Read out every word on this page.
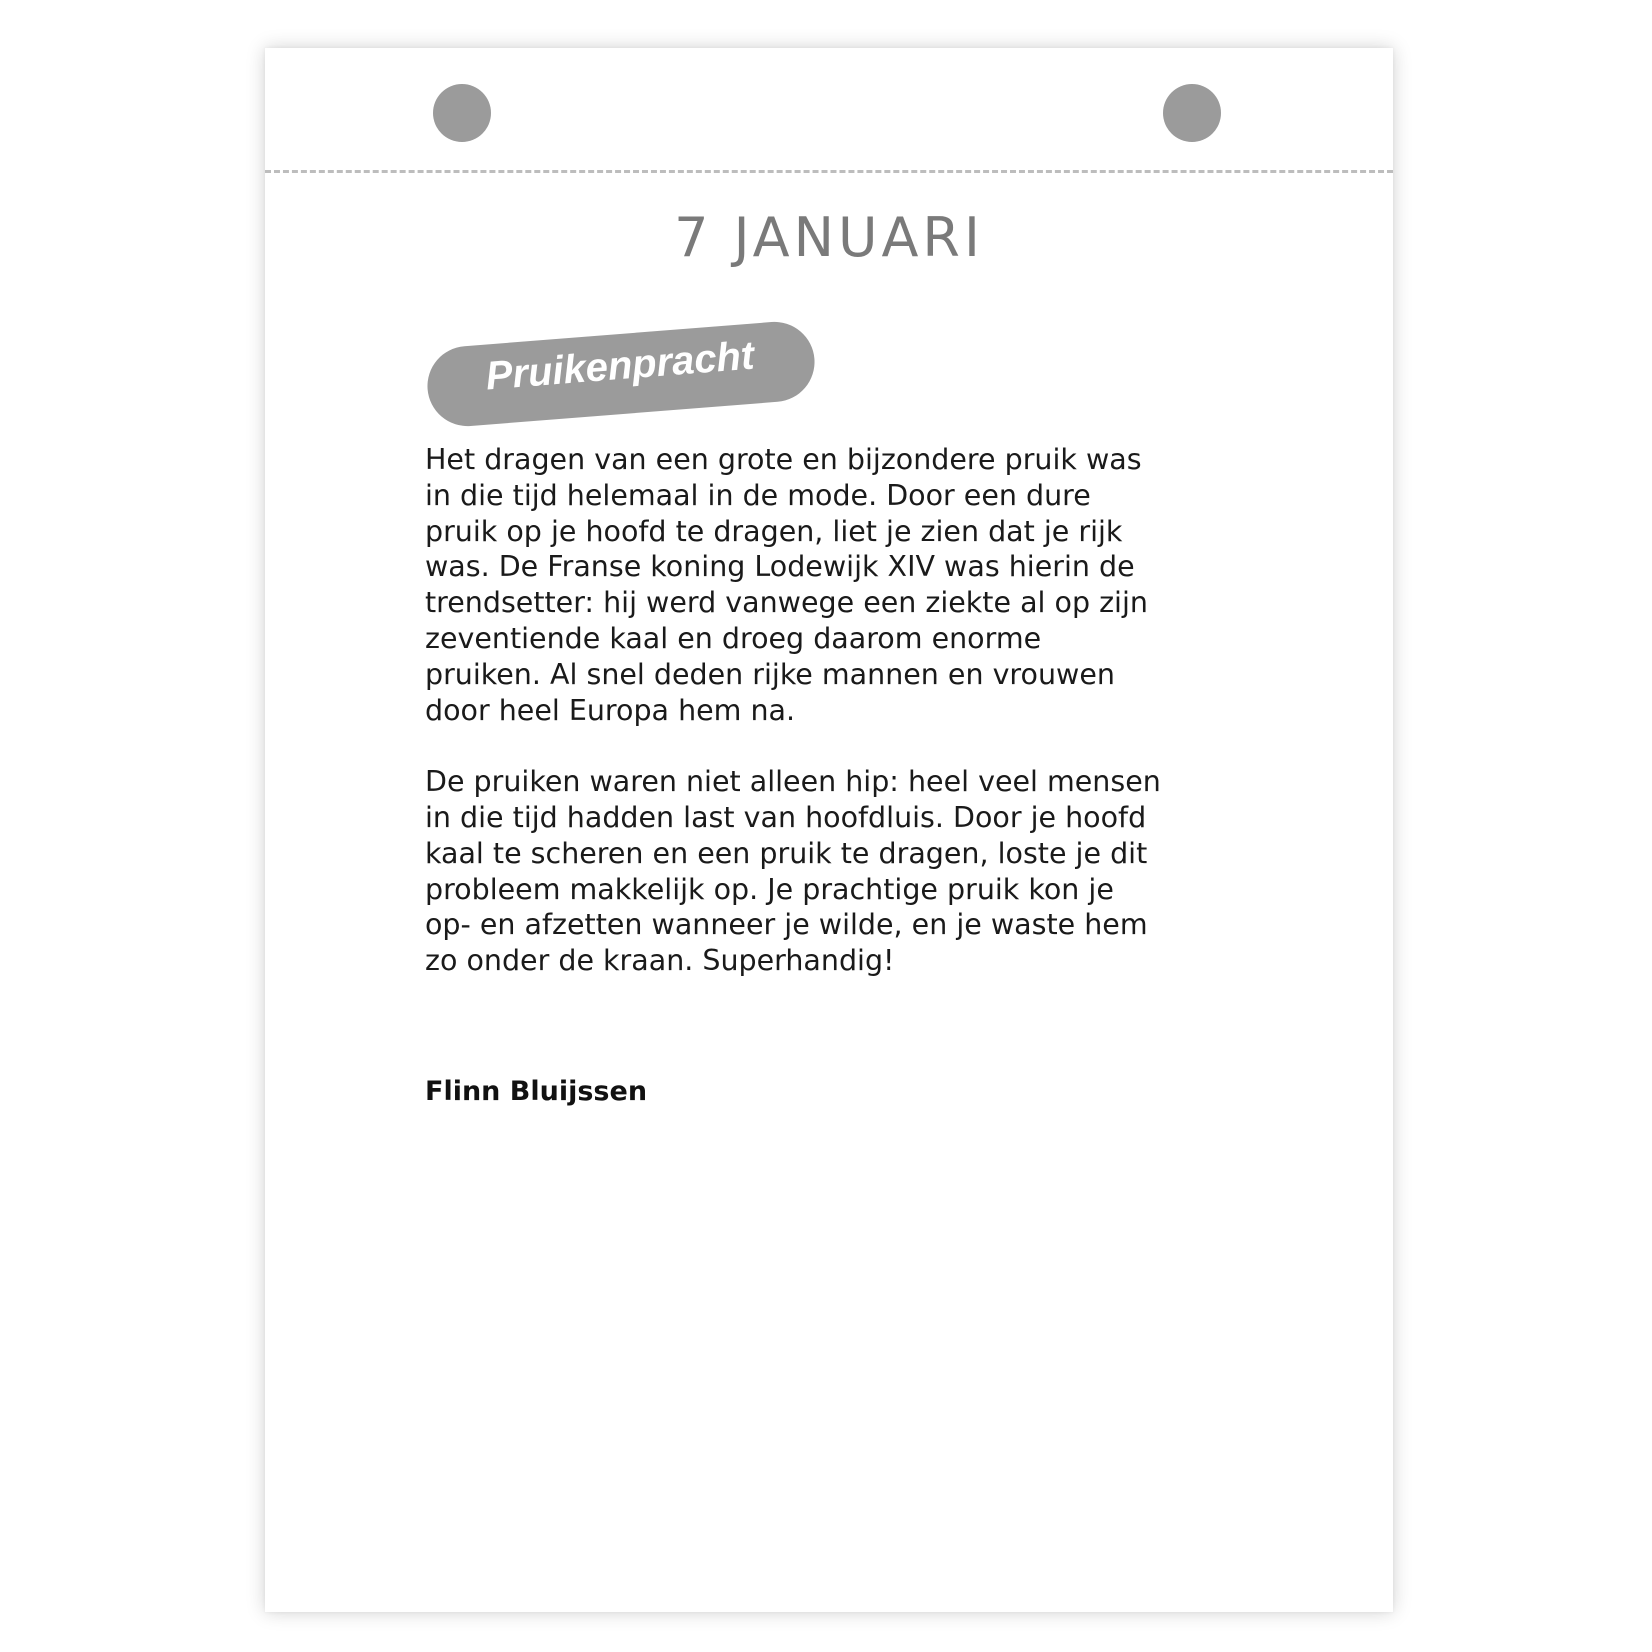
7 JANUARI
Pruikenpracht

Het dragen van een grote en bijzondere pruik was
in die tijd helemaal in de mode. Door een dure
pruik op je hoofd te dragen, liet je zien dat je rijk
was. De Franse koning Lodewijk XIV was hierin de
trendsetter: hij werd vanwege een ziekte al op zijn
zeventiende kaal en droeg daarom enorme
pruiken. Al snel deden rijke mannen en vrouwen
door heel Europa hem na.

De pruiken waren niet alleen hip: heel veel mensen
in die tijd hadden last van hoofdluis. Door je hoofd
kaal te scheren en een pruik te dragen, loste je dit
probleem makkelijk op. Je prachtige pruik kon je
op- en afzetten wanneer je wilde, en je waste hem
zo onder de kraan. Superhandig!

Flinn Bluijssen
